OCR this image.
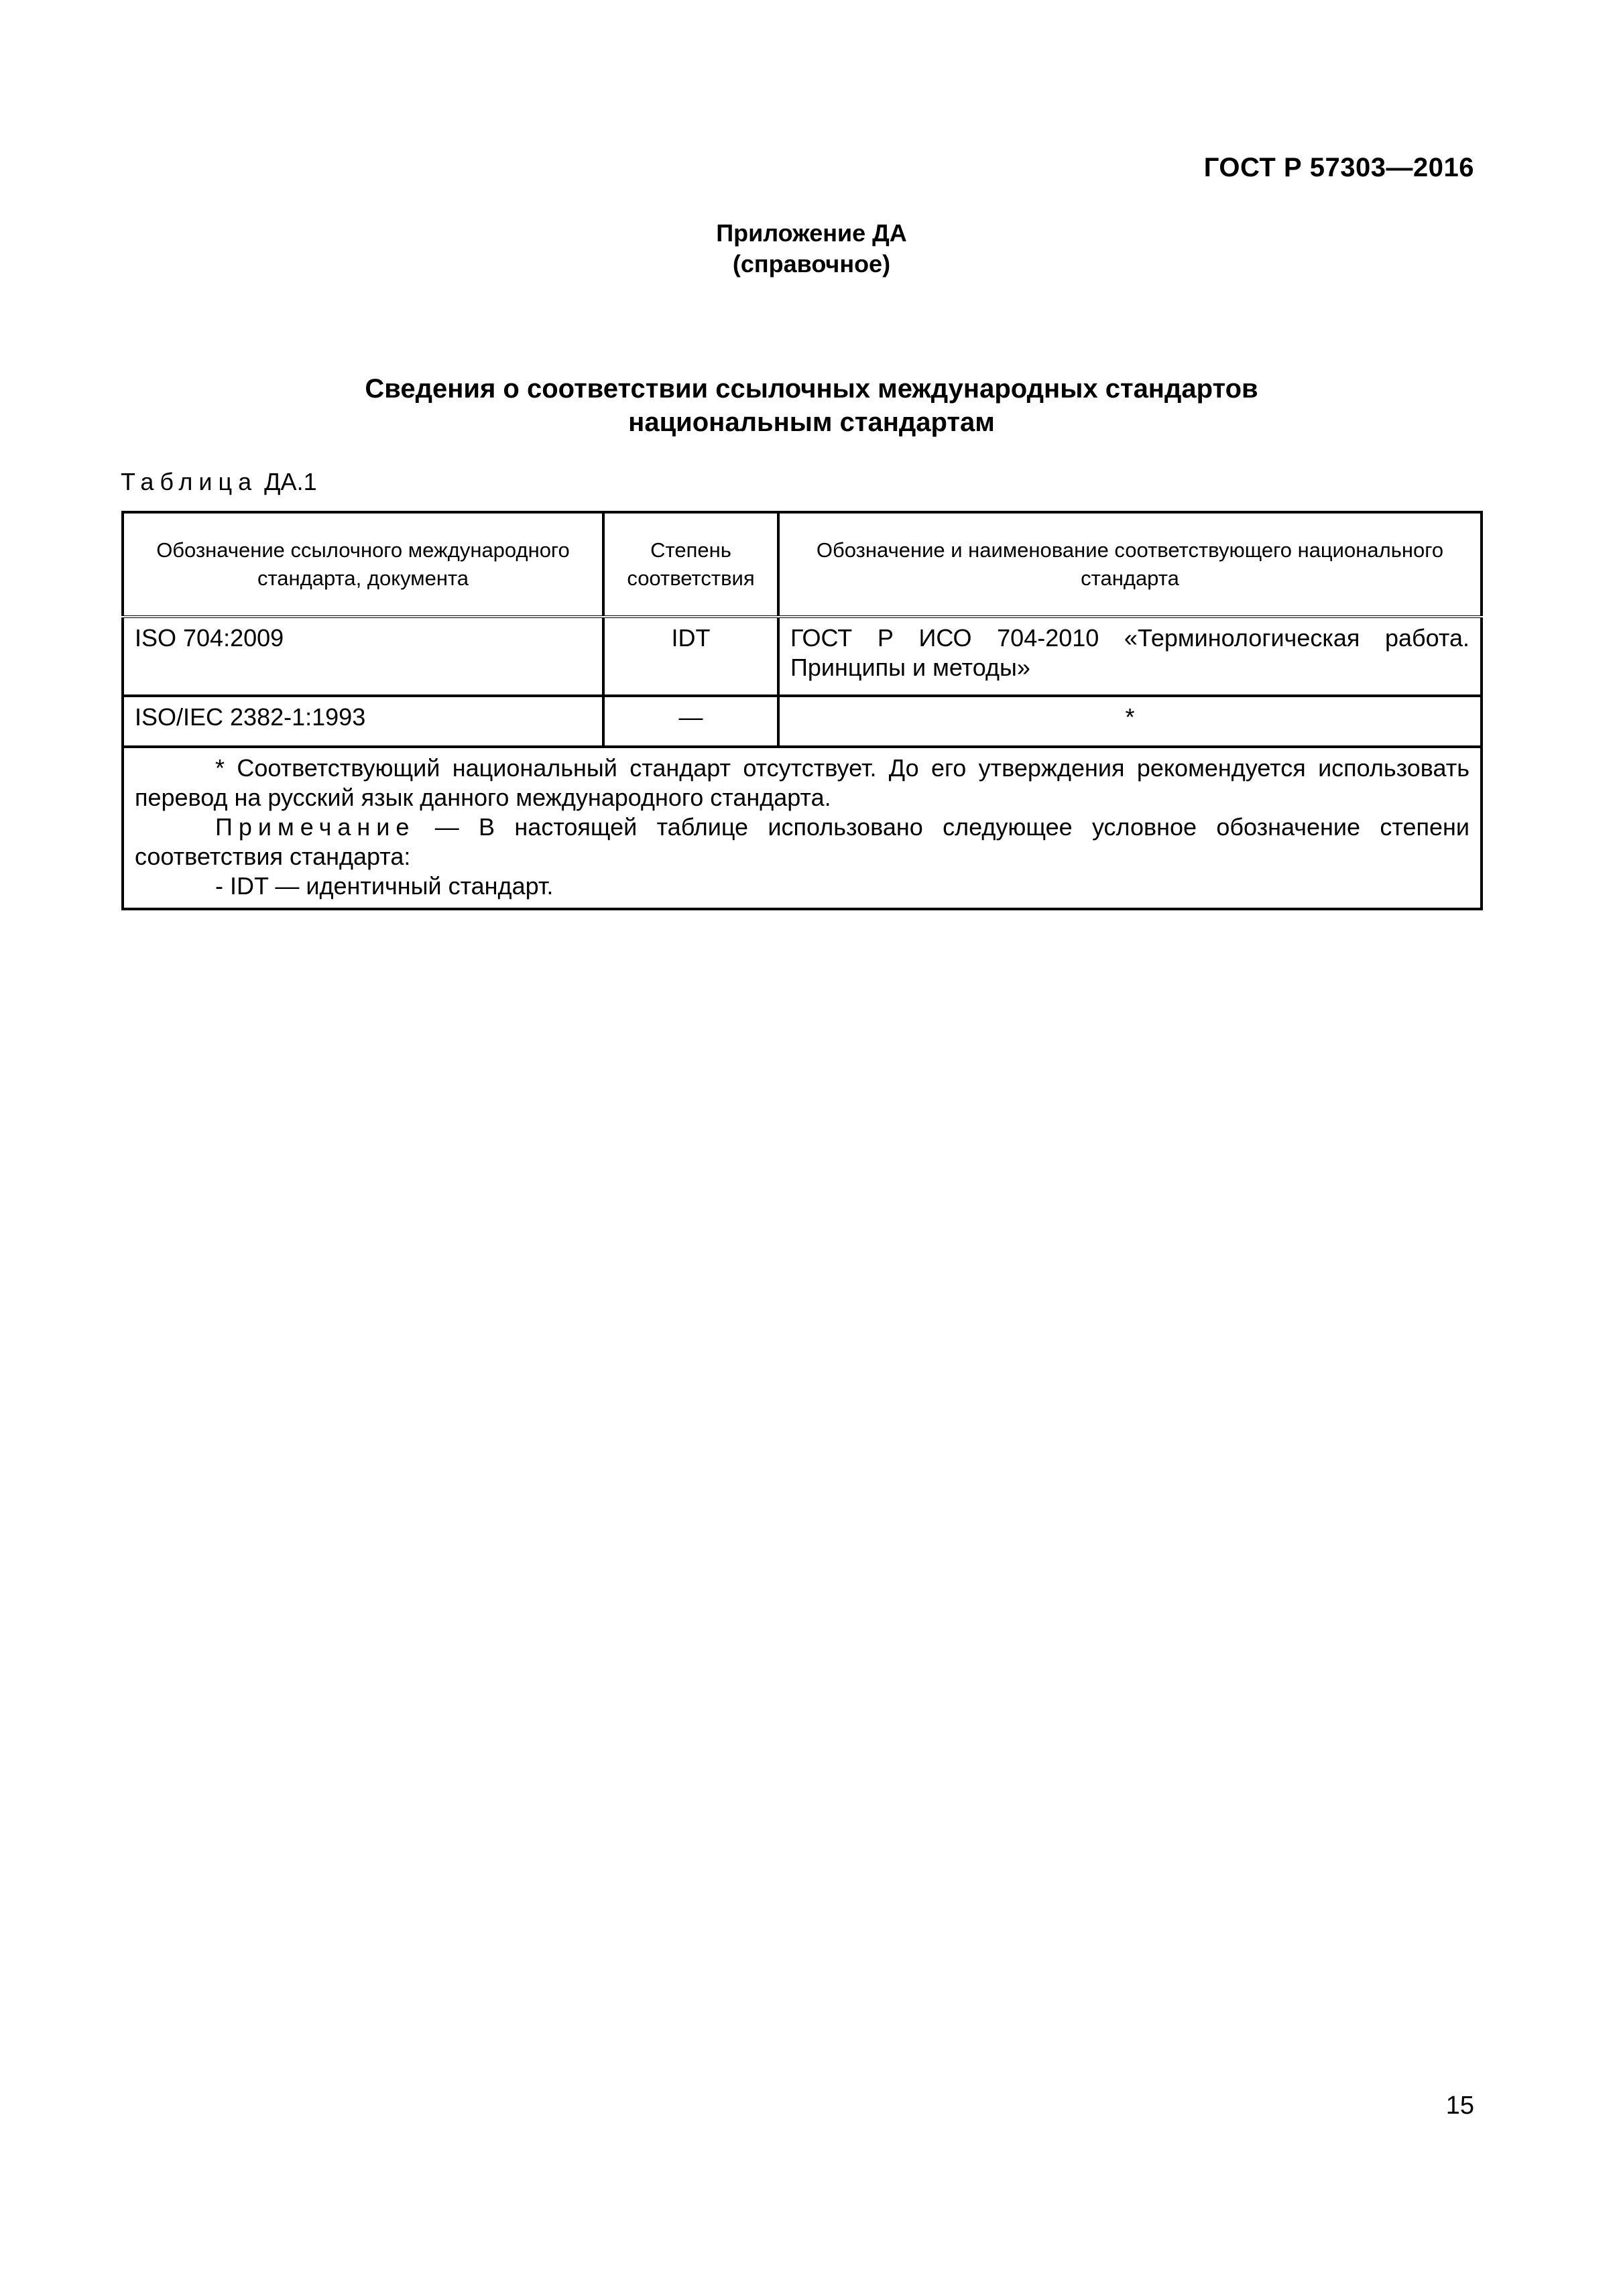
ГОСТ Р 57303—2016
Приложение ДА
(справочное)
Сведения о соответствии ссылочных международных стандартов
национальным стандартам
Таблица ДА.1
Обозначение ссылочного международного стандарта, документа	Степень соответствия	Обозначение и наименование соответствующего национального стандарта
ISO 704:2009	IDT	ГОСТ Р ИСО 704-2010 «Терминологическая работа. Принципы и методы»
ISO/IEC 2382-1:1993	—	*

* Соответствующий национальный стандарт отсутствует. До его утверждения рекомендуется использовать перевод на русский язык данного международного стандарта.

Примечание — В настоящей таблице использовано следующее условное обозначение степени соответствия стандарта:

- IDT — идентичный стандарт.		

15
